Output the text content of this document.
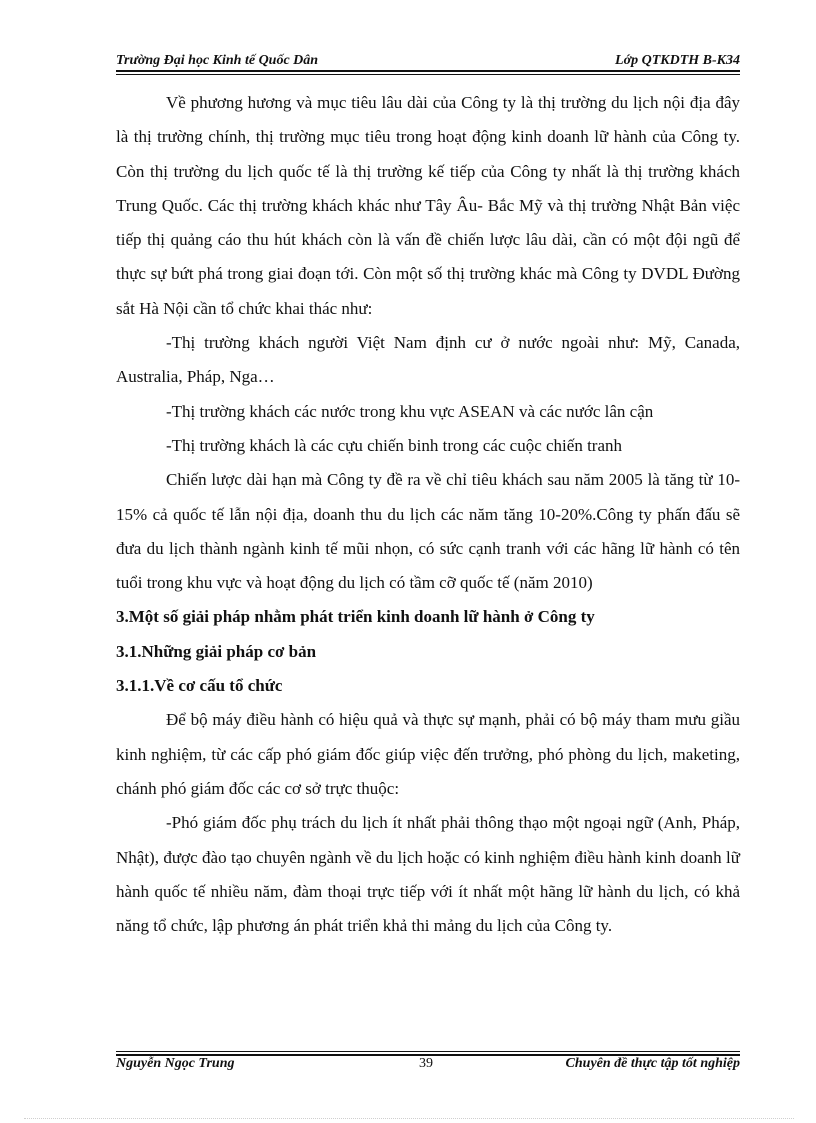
Trường Đại học Kinh tế Quốc Dân	Lớp QTKDTH B-K34

Về phương hương và mục tiêu lâu dài của Công ty là thị trường du lịch nội địa đây là thị trường chính, thị trường mục tiêu trong hoạt động kinh doanh lữ hành của Công ty. Còn thị trường du lịch quốc tế là thị trường kế tiếp của Công ty nhất là thị trường khách Trung Quốc. Các thị trường khách khác như Tây Âu- Bắc Mỹ và thị trường Nhật Bản việc tiếp thị quảng cáo thu hút khách còn là vấn đề chiến lược lâu dài, cần có một đội ngũ để thực sự bứt phá trong giai đoạn tới. Còn một số thị trường khác mà Công ty DVDL Đường sắt Hà Nội cần tổ chức khai thác như:

-Thị trường khách người Việt Nam định cư ở nước ngoài như: Mỹ, Canada, Australia, Pháp, Nga…

-Thị trường khách các nước trong khu vực ASEAN và các nước lân cận

-Thị trường khách là các cựu chiến binh trong các cuộc chiến tranh

Chiến lược dài hạn mà Công ty đề ra về chỉ tiêu khách sau năm 2005 là tăng từ 10- 15% cả quốc tế lẫn nội địa, doanh thu du lịch các năm tăng 10-20%.Công ty phấn đấu sẽ đưa du lịch thành ngành kinh tế mũi nhọn, có sức cạnh tranh với các hãng lữ hành có tên tuổi trong khu vực và hoạt động du lịch có tầm cỡ quốc tế (năm 2010)

3.Một số giải pháp nhằm phát triển kinh doanh lữ hành ở Công ty

3.1.Những giải pháp cơ bản

3.1.1.Về cơ cấu tổ chức

Để bộ máy điều hành có hiệu quả và thực sự mạnh, phải có bộ máy tham mưu giầu kinh nghiệm, từ các cấp phó giám đốc giúp việc đến trưởng, phó phòng du lịch, maketing, chánh phó giám đốc các cơ sở trực thuộc:

-Phó giám đốc phụ trách du lịch ít nhất phải thông thạo một ngoại ngữ (Anh, Pháp, Nhật), được đào tạo chuyên ngành về du lịch hoặc có kinh nghiệm điều hành kinh doanh lữ hành quốc tế nhiều năm, đàm thoại trực tiếp với ít nhất một hãng lữ hành du lịch, có khả năng tổ chức, lập phương án phát triển khả thi mảng du lịch của Công ty.

Nguyễn Ngọc Trung	39	Chuyên đề thực tập tốt nghiệp
